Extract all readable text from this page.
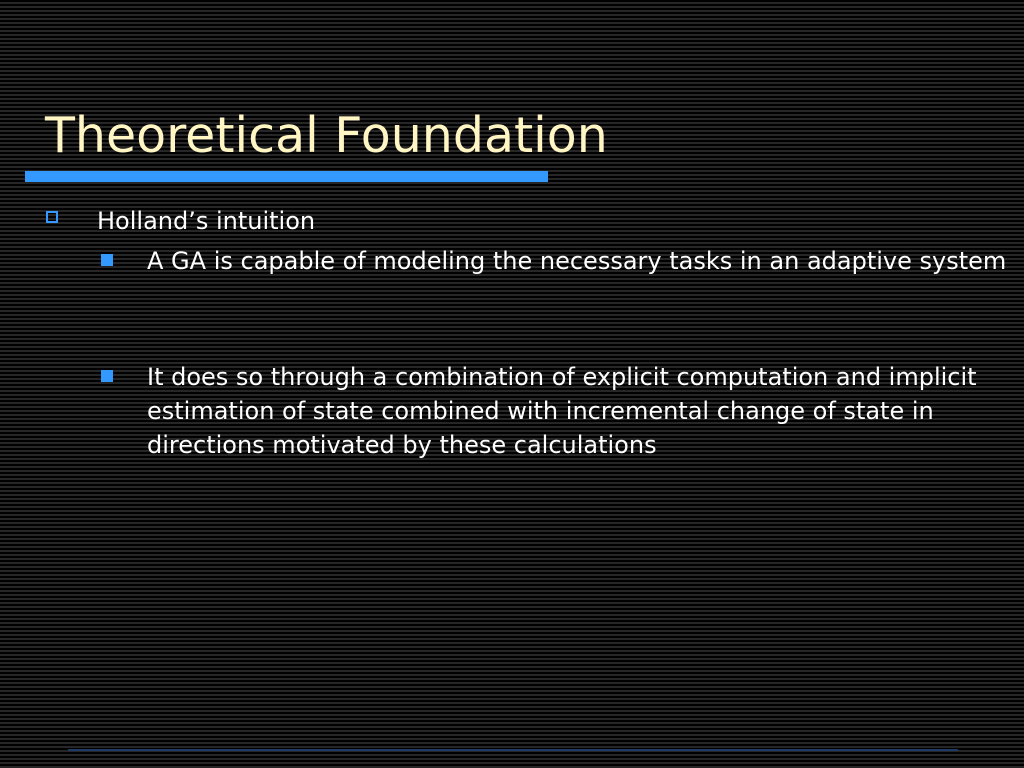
Theoretical Foundation
Holland’s intuition
A GA is capable of modeling the necessary tasks in an adaptive system
It does so through a combination of explicit computation and implicit estimation of state combined with incremental change of state in directions motivated by these calculations
